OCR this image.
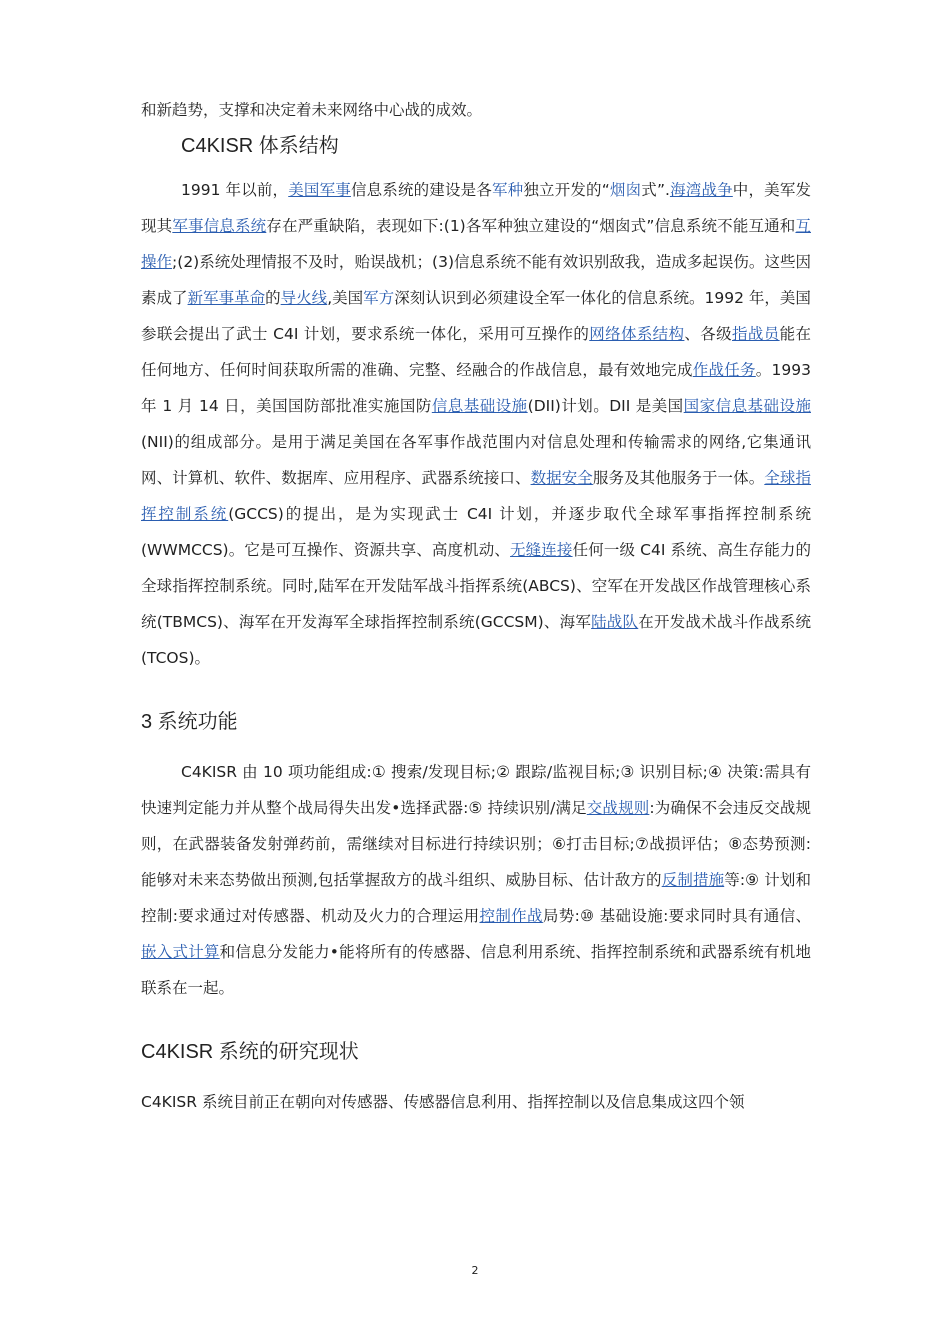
和新趋势，支撑和决定着未来网络中心战的成效。

C4KISR 体系结构

1991 年以前，美国军事信息系统的建设是各军种独立开发的“烟囱式”.海湾战争中，美军发现其军事信息系统存在严重缺陷，表现如下:(1)各军种独立建设的“烟囱式”信息系统不能互通和互操作;(2)系统处理情报不及时，贻误战机；(3)信息系统不能有效识别敌我，造成多起误伤。这些因素成了新军事革命的导火线,美国军方深刻认识到必须建设全军一体化的信息系统。1992 年，美国参联会提出了武士 C4I 计划，要求系统一体化，采用可互操作的网络体系结构、各级指战员能在任何地方、任何时间获取所需的准确、完整、经融合的作战信息，最有效地完成作战任务。1993 年 1 月 14 日，美国国防部批准实施国防信息基础设施(DII)计划。DII 是美国国家信息基础设施(NII)的组成部分。是用于满足美国在各军事作战范围内对信息处理和传输需求的网络,它集通讯网、计算机、软件、数据库、应用程序、武器系统接口、数据安全服务及其他服务于一体。全球指挥控制系统(GCCS)的提出，是为实现武士 C4I 计划，并逐步取代全球军事指挥控制系统(WWMCCS)。它是可互操作、资源共享、高度机动、无缝连接任何一级 C4I 系统、高生存能力的全球指挥控制系统。同时,陆军在开发陆军战斗指挥系统(ABCS)、空军在开发战区作战管理核心系统(TBMCS)、海军在开发海军全球指挥控制系统(GCCSM)、海军陆战队在开发战术战斗作战系统(TCOS)。

3 系统功能

C4KISR 由 10 项功能组成:① 搜索/发现目标;② 跟踪/监视目标;③ 识别目标;④ 决策:需具有快速判定能力并从整个战局得失出发•选择武器:⑤ 持续识别/满足交战规则:为确保不会违反交战规则，在武器装备发射弹药前，需继续对目标进行持续识别；⑥打击目标;⑦战损评估；⑧态势预测:能够对未来态势做出预测,包括掌握敌方的战斗组织、威胁目标、估计敌方的反制措施等:⑨ 计划和控制:要求通过对传感器、机动及火力的合理运用控制作战局势:⑩ 基础设施:要求同时具有通信、嵌入式计算和信息分发能力•能将所有的传感器、信息利用系统、指挥控制系统和武器系统有机地联系在一起。

C4KISR 系统的研究现状

C4KISR 系统目前正在朝向对传感器、传感器信息利用、指挥控制以及信息集成这四个领

2
